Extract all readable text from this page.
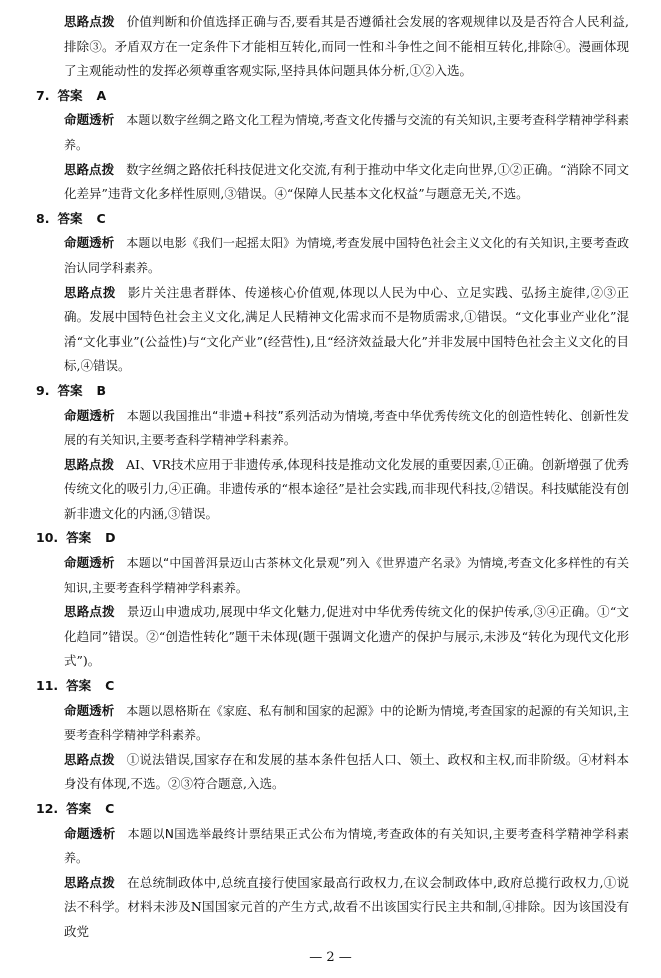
思路点拨 价值判断和价值选择正确与否,要看其是否遵循社会发展的客观规律以及是否符合人民利益,排除③。矛盾双方在一定条件下才能相互转化,而同一性和斗争性之间不能相互转化,排除④。漫画体现了主观能动性的发挥必须尊重客观实际,坚持具体问题具体分析,①②入选。

7. 答案 A

命题透析 本题以数字丝绸之路文化工程为情境,考查文化传播与交流的有关知识,主要考查科学精神学科素养。

思路点拨 数字丝绸之路依托科技促进文化交流,有利于推动中华文化走向世界,①②正确。“消除不同文化差异”违背文化多样性原则,③错误。④“保障人民基本文化权益”与题意无关,不选。

8. 答案 C

命题透析 本题以电影《我们一起摇太阳》为情境,考查发展中国特色社会主义文化的有关知识,主要考查政治认同学科素养。

思路点拨 影片关注患者群体、传递核心价值观,体现以人民为中心、立足实践、弘扬主旋律,②③正确。发展中国特色社会主义文化,满足人民精神文化需求而不是物质需求,①错误。“文化事业产业化”混淆“文化事业”(公益性)与“文化产业”(经营性),且“经济效益最大化”并非发展中国特色社会主义文化的目标,④错误。

9. 答案 B

命题透析 本题以我国推出“非遗+科技”系列活动为情境,考查中华优秀传统文化的创造性转化、创新性发展的有关知识,主要考查科学精神学科素养。

思路点拨 AI、VR技术应用于非遗传承,体现科技是推动文化发展的重要因素,①正确。创新增强了优秀传统文化的吸引力,④正确。非遗传承的“根本途径”是社会实践,而非现代科技,②错误。科技赋能没有创新非遗文化的内涵,③错误。

10. 答案 D

命题透析 本题以“中国普洱景迈山古茶林文化景观”列入《世界遗产名录》为情境,考查文化多样性的有关知识,主要考查科学精神学科素养。

思路点拨 景迈山申遗成功,展现中华文化魅力,促进对中华优秀传统文化的保护传承,③④正确。①“文化趋同”错误。②“创造性转化”题干未体现(题干强调文化遗产的保护与展示,未涉及“转化为现代文化形式”)。

11. 答案 C

命题透析 本题以恩格斯在《家庭、私有制和国家的起源》中的论断为情境,考查国家的起源的有关知识,主要考查科学精神学科素养。

思路点拨 ①说法错误,国家存在和发展的基本条件包括人口、领土、政权和主权,而非阶级。④材料本身没有体现,不选。②③符合题意,入选。

12. 答案 C

命题透析 本题以N国选举最终计票结果正式公布为情境,考查政体的有关知识,主要考查科学精神学科素养。

思路点拨 在总统制政体中,总统直接行使国家最高行政权力,在议会制政体中,政府总揽行政权力,①说法不科学。材料未涉及N国国家元首的产生方式,故看不出该国实行民主共和制,④排除。因为该国没有政党

— 2 —
